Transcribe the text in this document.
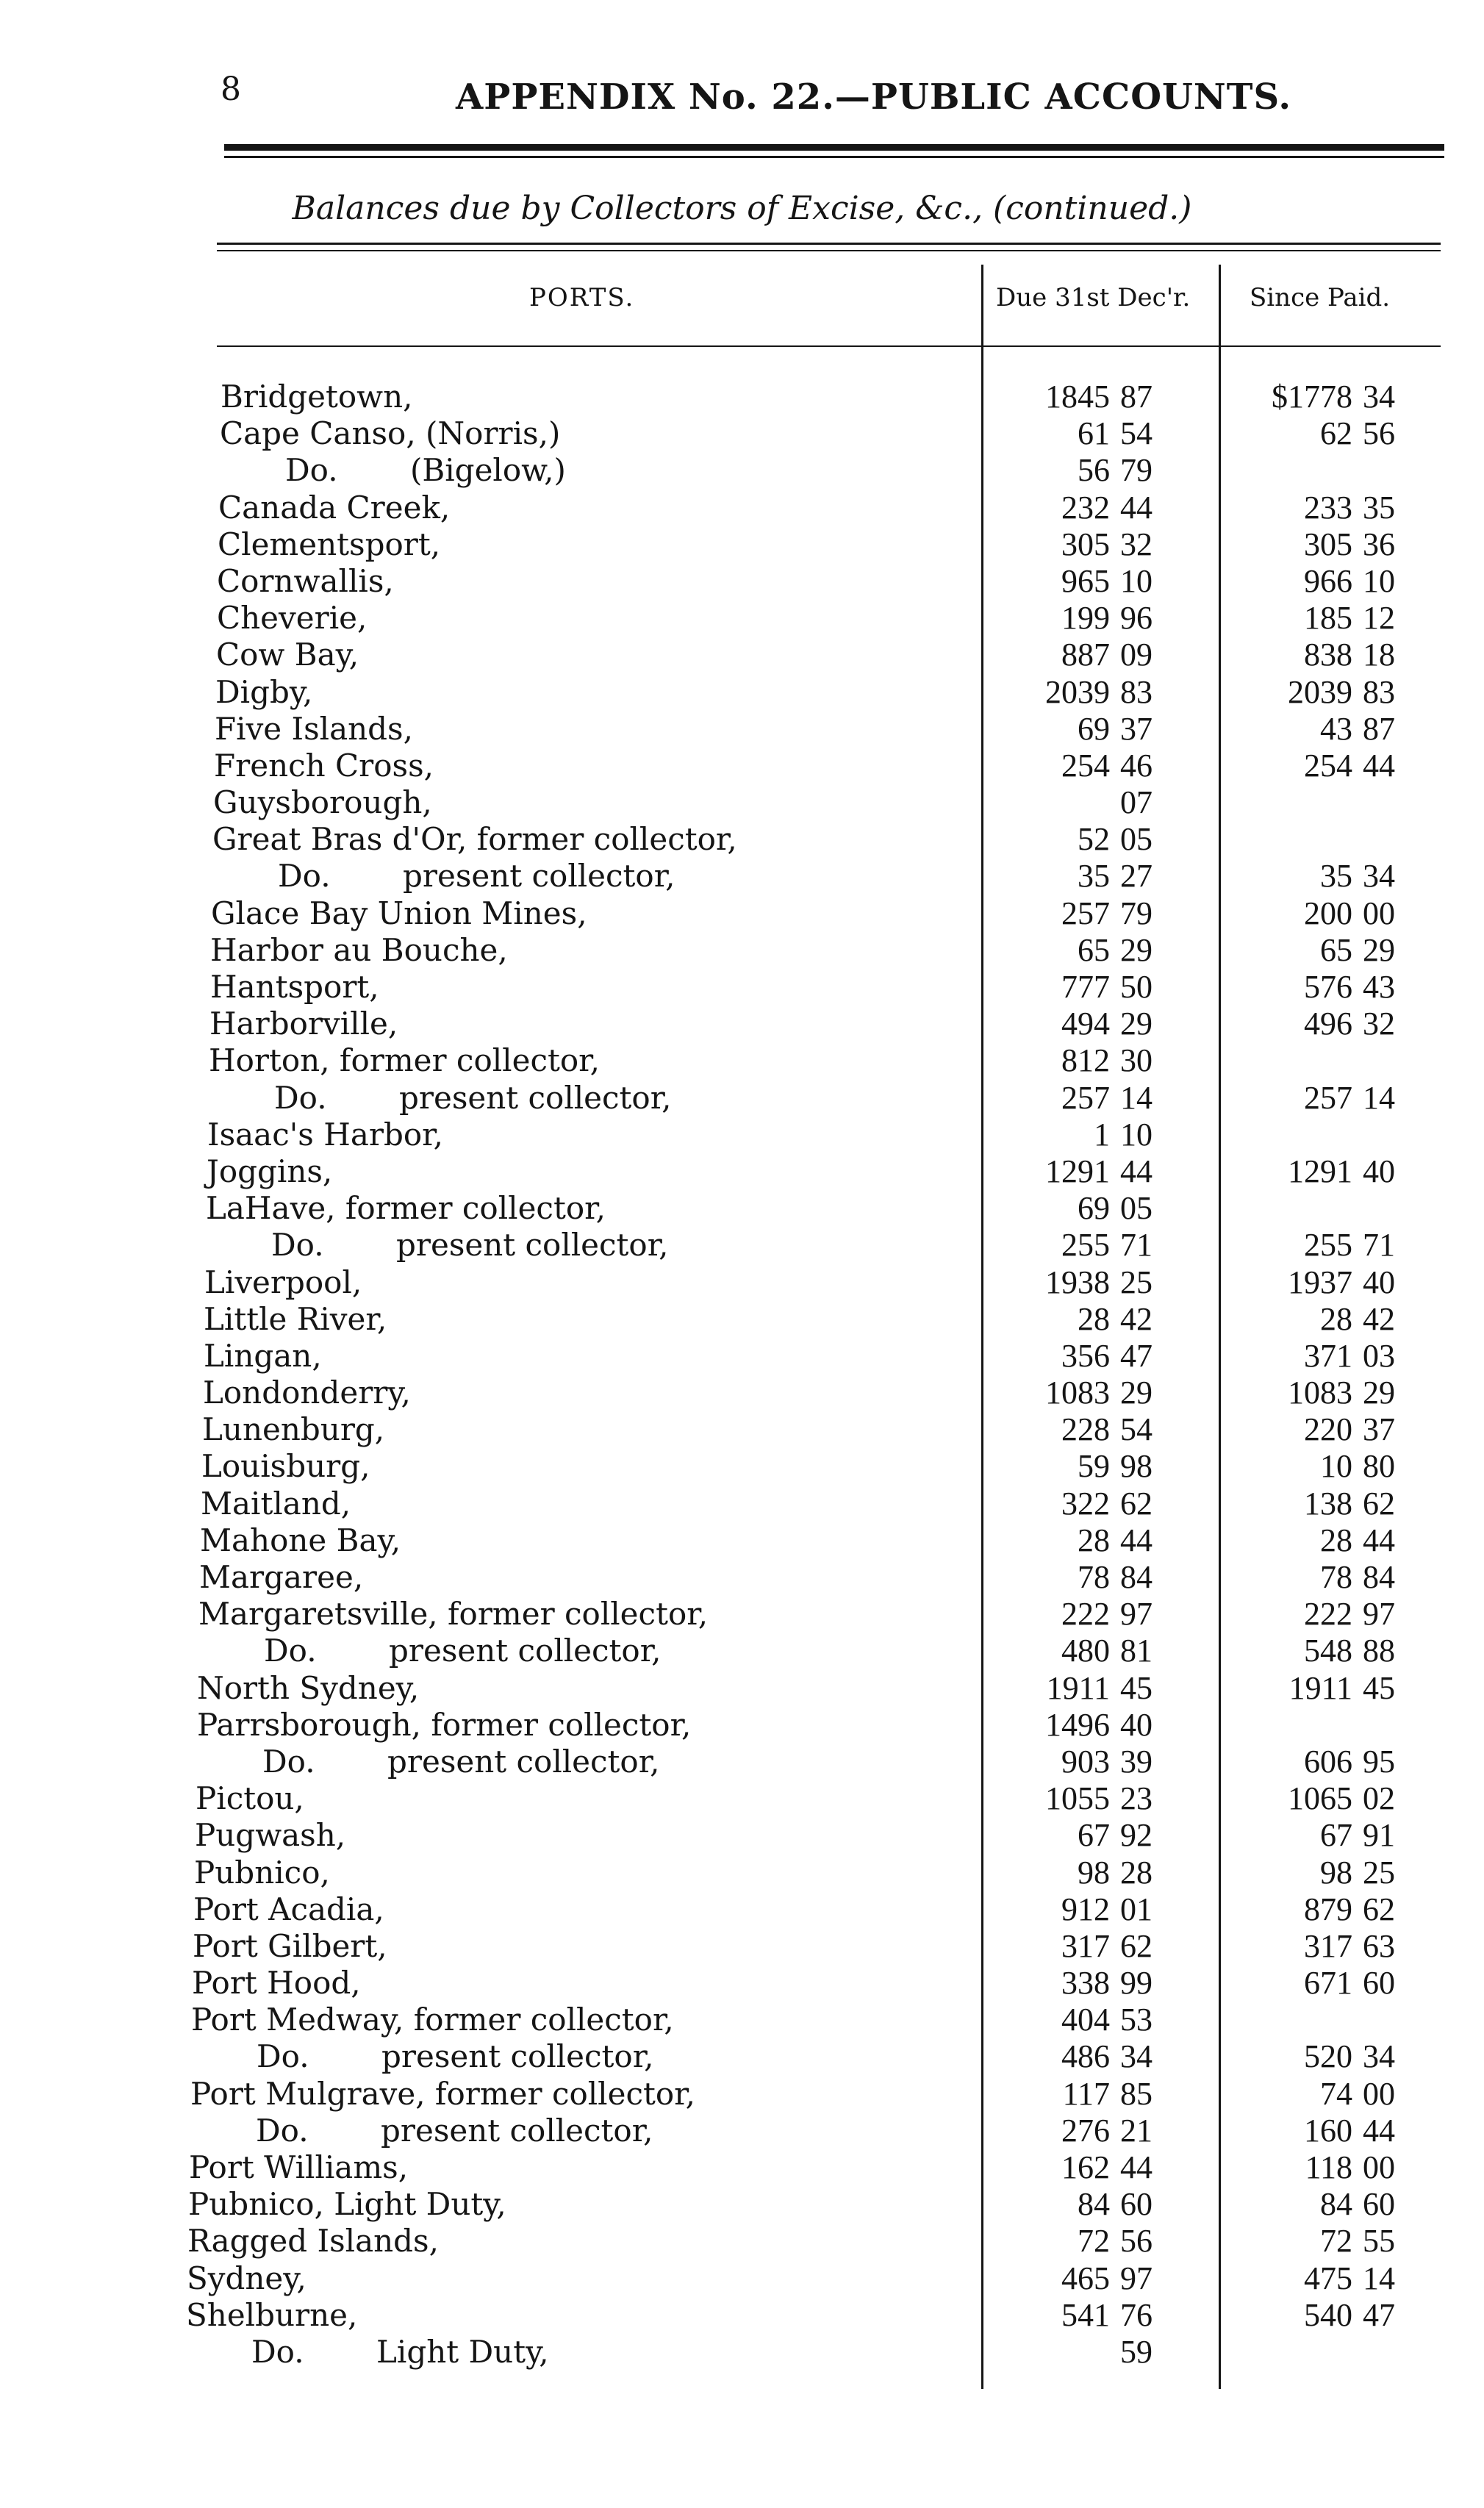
8	APPENDIX No. 22.—PUBLIC ACCOUNTS.
Balances due by Collectors of Excise, &c., (continued.)
PORTS.	Due 31st Dec'r. Since Paid.
Bridgetown,	1845 87	$1778 34
Cape Canso, (Norris,)	61 54	62 56
Do. (Bigelow,)	56 79
Canada Creek,	232 44	233 35
Clementsport,	305 32	305 36
Cornwallis,	965 10	966 10
Cheverie,	199 96	185 12
Cow Bay,	887 09	838 18
Digby,	2039 83	2039 83
Five Islands,	69 37	43 87
French Cross,	254 46	254 44
Guysborough,	07
Great Bras d'Or, former collector,	52 05
Do. present collector,	35 27	35 34
Glace Bay Union Mines,	257 79	200 00
Harbor au Bouche,	65 29	65 29
Hantsport,	777 50	576 43
Harborville,	494 29	496 32
Horton, former collector,	812 30
Do. present collector,	257 14	257 14
Isaac's Harbor,	1 10
Joggins,	1291 44	1291 40
LaHave, former collector,	69 05
Do. present collector,	255 71	255 71
Liverpool,	1938 25	1937 40
Little River,	28 42	28 42
Lingan,	356 47	371 03
Londonderry,	1083 29	1083 29
Lunenburg,	228 54	220 37
Louisburg,	59 98	10 80
Maitland,	322 62	138 62
Mahone Bay,	28 44	28 44
Margaree,	78 84	78 84
Margaretsville, former collector,	222 97	222 97
Do. present collector,	480 81	548 88
North Sydney,	1911 45	1911 45
Parrsborough, former collector,	1496 40
Do. present collector,	903 39	606 95
Pictou,	1055 23	1065 02
Pugwash,	67 92	67 91
Pubnico,	98 28	98 25
Port Acadia,	912 01	879 62
Port Gilbert,	317 62	317 63
Port Hood,	338 99	671 60
Port Medway, former collector,	404 53
Do. present collector,	486 34	520 34
Port Mulgrave, former collector,	117 85	74 00
Do. present collector,	276 21	160 44
Port Williams,	162 44	118 00
Pubnico, Light Duty,	84 60	84 60
Ragged Islands,	72 56	72 55
Sydney,	465 97	475 14
Shelburne,	541 76	540 47
Do. Light Duty,	59
